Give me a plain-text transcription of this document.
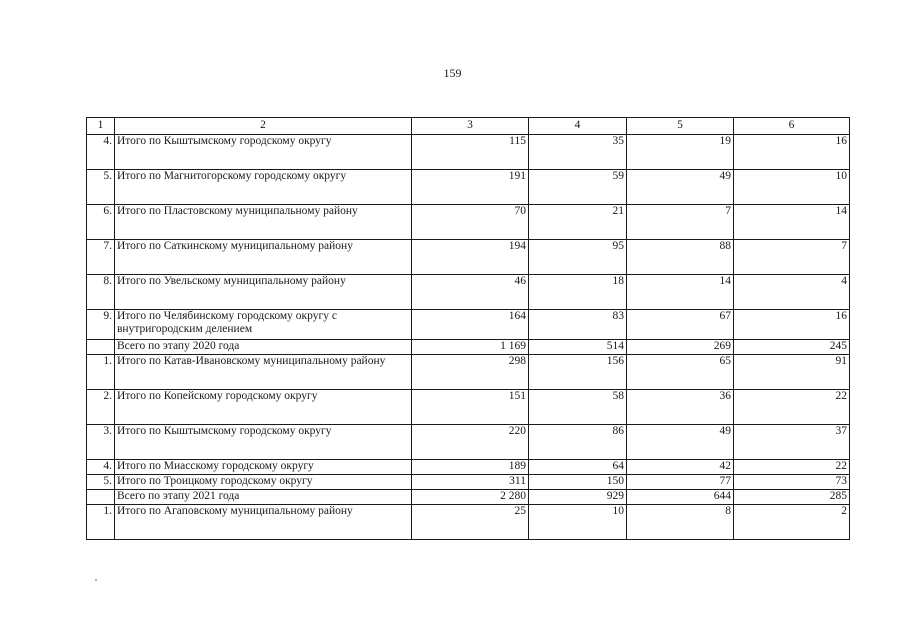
159
1	2	3	4	5	6
4.	Итого по Кыштымскому городскому округу	115	35	19	16
5.	Итого по Магнитогорскому городскому округу	191	59	49	10
6.	Итого по Пластовскому муниципальному району	70	21	7	14
7.	Итого по Саткинскому муниципальному району	194	95	88	7
8.	Итого по Увельскому муниципальному району	46	18	14	4
9.	Итого по Челябинскому городскому округу с внутригородским делением	164	83	67	16
	Всего по этапу 2020 года	1 169	514	269	245
1.	Итого по Катав-Ивановскому муниципальному району	298	156	65	91
2.	Итого по Копейскому городскому округу	151	58	36	22
3.	Итого по Кыштымскому городскому округу	220	86	49	37
4.	Итого по Миасскому городскому округу	189	64	42	22
5.	Итого по Троицкому городскому округу	311	150	77	73
	Всего по этапу 2021 года	2 280	929	644	285
1.	Итого по Агаповскому муниципальному району	25	10	8	2
